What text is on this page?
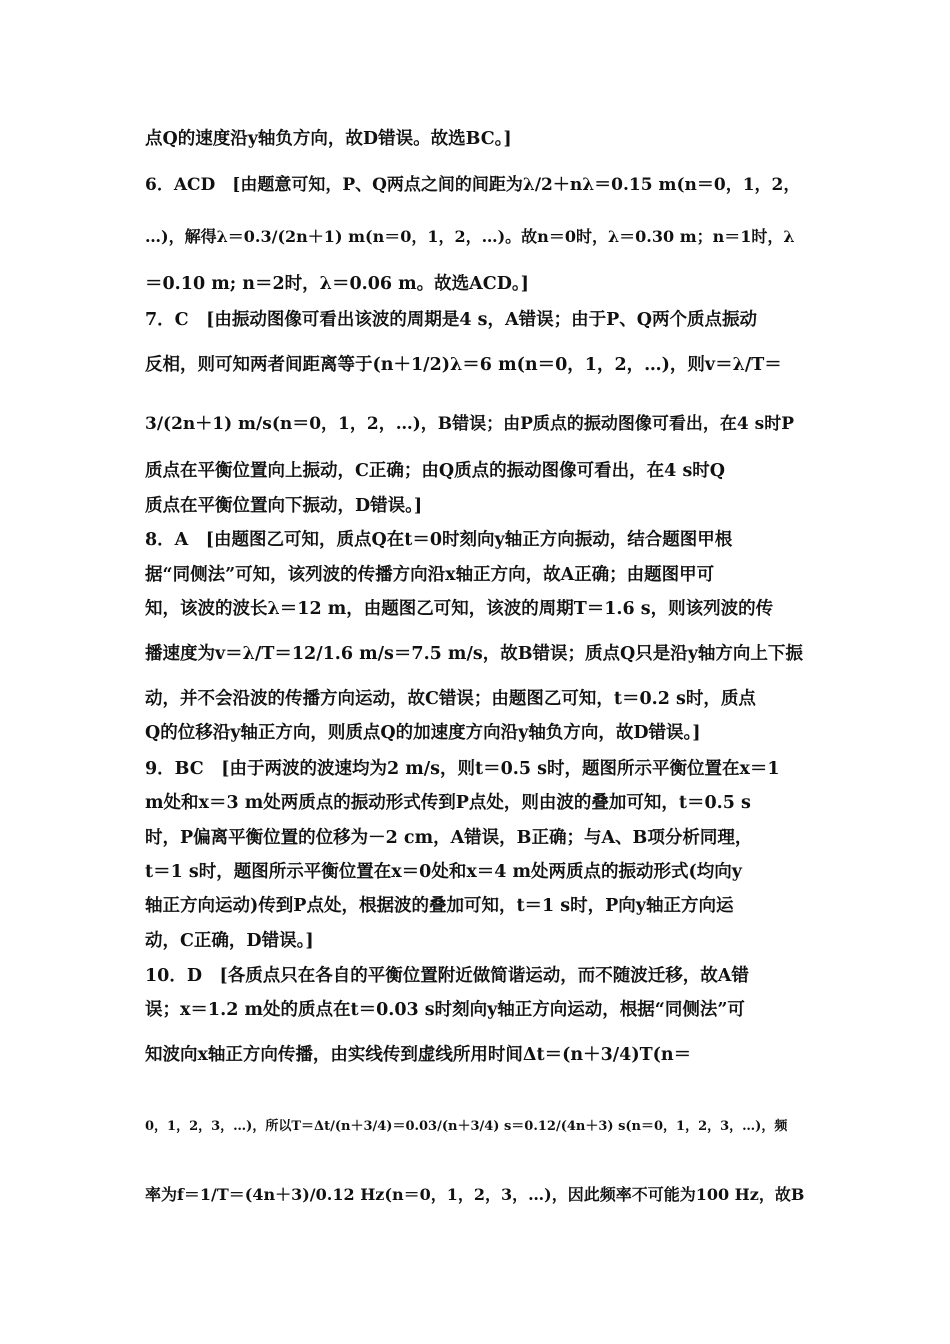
点Q的速度沿y轴负方向，故D错误。故选BC。]
6．ACD　[由题意可知，P、Q两点之间的间距为λ/2＋nλ＝0.15 m(n＝0，1，2，
…)，解得λ＝0.3/(2n＋1) m(n＝0，1，2，…)。故n＝0时，λ＝0.30 m；n＝1时，λ
＝0.10 m; n＝2时，λ＝0.06 m。故选ACD。]
7．C　[由振动图像可看出该波的周期是4 s，A错误；由于P、Q两个质点振动
反相，则可知两者间距离等于(n＋1/2)λ＝6 m(n＝0，1，2，…)，则v＝λ/T＝
3/(2n＋1) m/s(n＝0，1，2，…)，B错误；由P质点的振动图像可看出，在4 s时P
质点在平衡位置向上振动，C正确；由Q质点的振动图像可看出，在4 s时Q
质点在平衡位置向下振动，D错误。]
8．A　[由题图乙可知，质点Q在t＝0时刻向y轴正方向振动，结合题图甲根
据“同侧法”可知，该列波的传播方向沿x轴正方向，故A正确；由题图甲可
知，该波的波长λ＝12 m，由题图乙可知，该波的周期T＝1.6 s，则该列波的传
播速度为v＝λ/T＝12/1.6 m/s＝7.5 m/s，故B错误；质点Q只是沿y轴方向上下振
动，并不会沿波的传播方向运动，故C错误；由题图乙可知，t＝0.2 s时，质点
Q的位移沿y轴正方向，则质点Q的加速度方向沿y轴负方向，故D错误。]
9．BC　[由于两波的波速均为2 m/s，则t＝0.5 s时，题图所示平衡位置在x＝1
m处和x＝3 m处两质点的振动形式传到P点处，则由波的叠加可知，t＝0.5 s
时，P偏离平衡位置的位移为－2 cm，A错误，B正确；与A、B项分析同理，
t＝1 s时，题图所示平衡位置在x＝0处和x＝4 m处两质点的振动形式(均向y
轴正方向运动)传到P点处，根据波的叠加可知，t＝1 s时，P向y轴正方向运
动，C正确，D错误。]
10．D　[各质点只在各自的平衡位置附近做简谐运动，而不随波迁移，故A错
误；x＝1.2 m处的质点在t＝0.03 s时刻向y轴正方向运动，根据“同侧法”可
知波向x轴正方向传播，由实线传到虚线所用时间Δt＝(n＋3/4)T(n＝
0，1，2，3，…)，所以T＝Δt/(n＋3/4)＝0.03/(n＋3/4) s＝0.12/(4n＋3) s(n＝0，1，2，3，…)，频
率为f＝1/T＝(4n＋3)/0.12 Hz(n＝0，1，2，3，…)，因此频率不可能为100 Hz，故B
